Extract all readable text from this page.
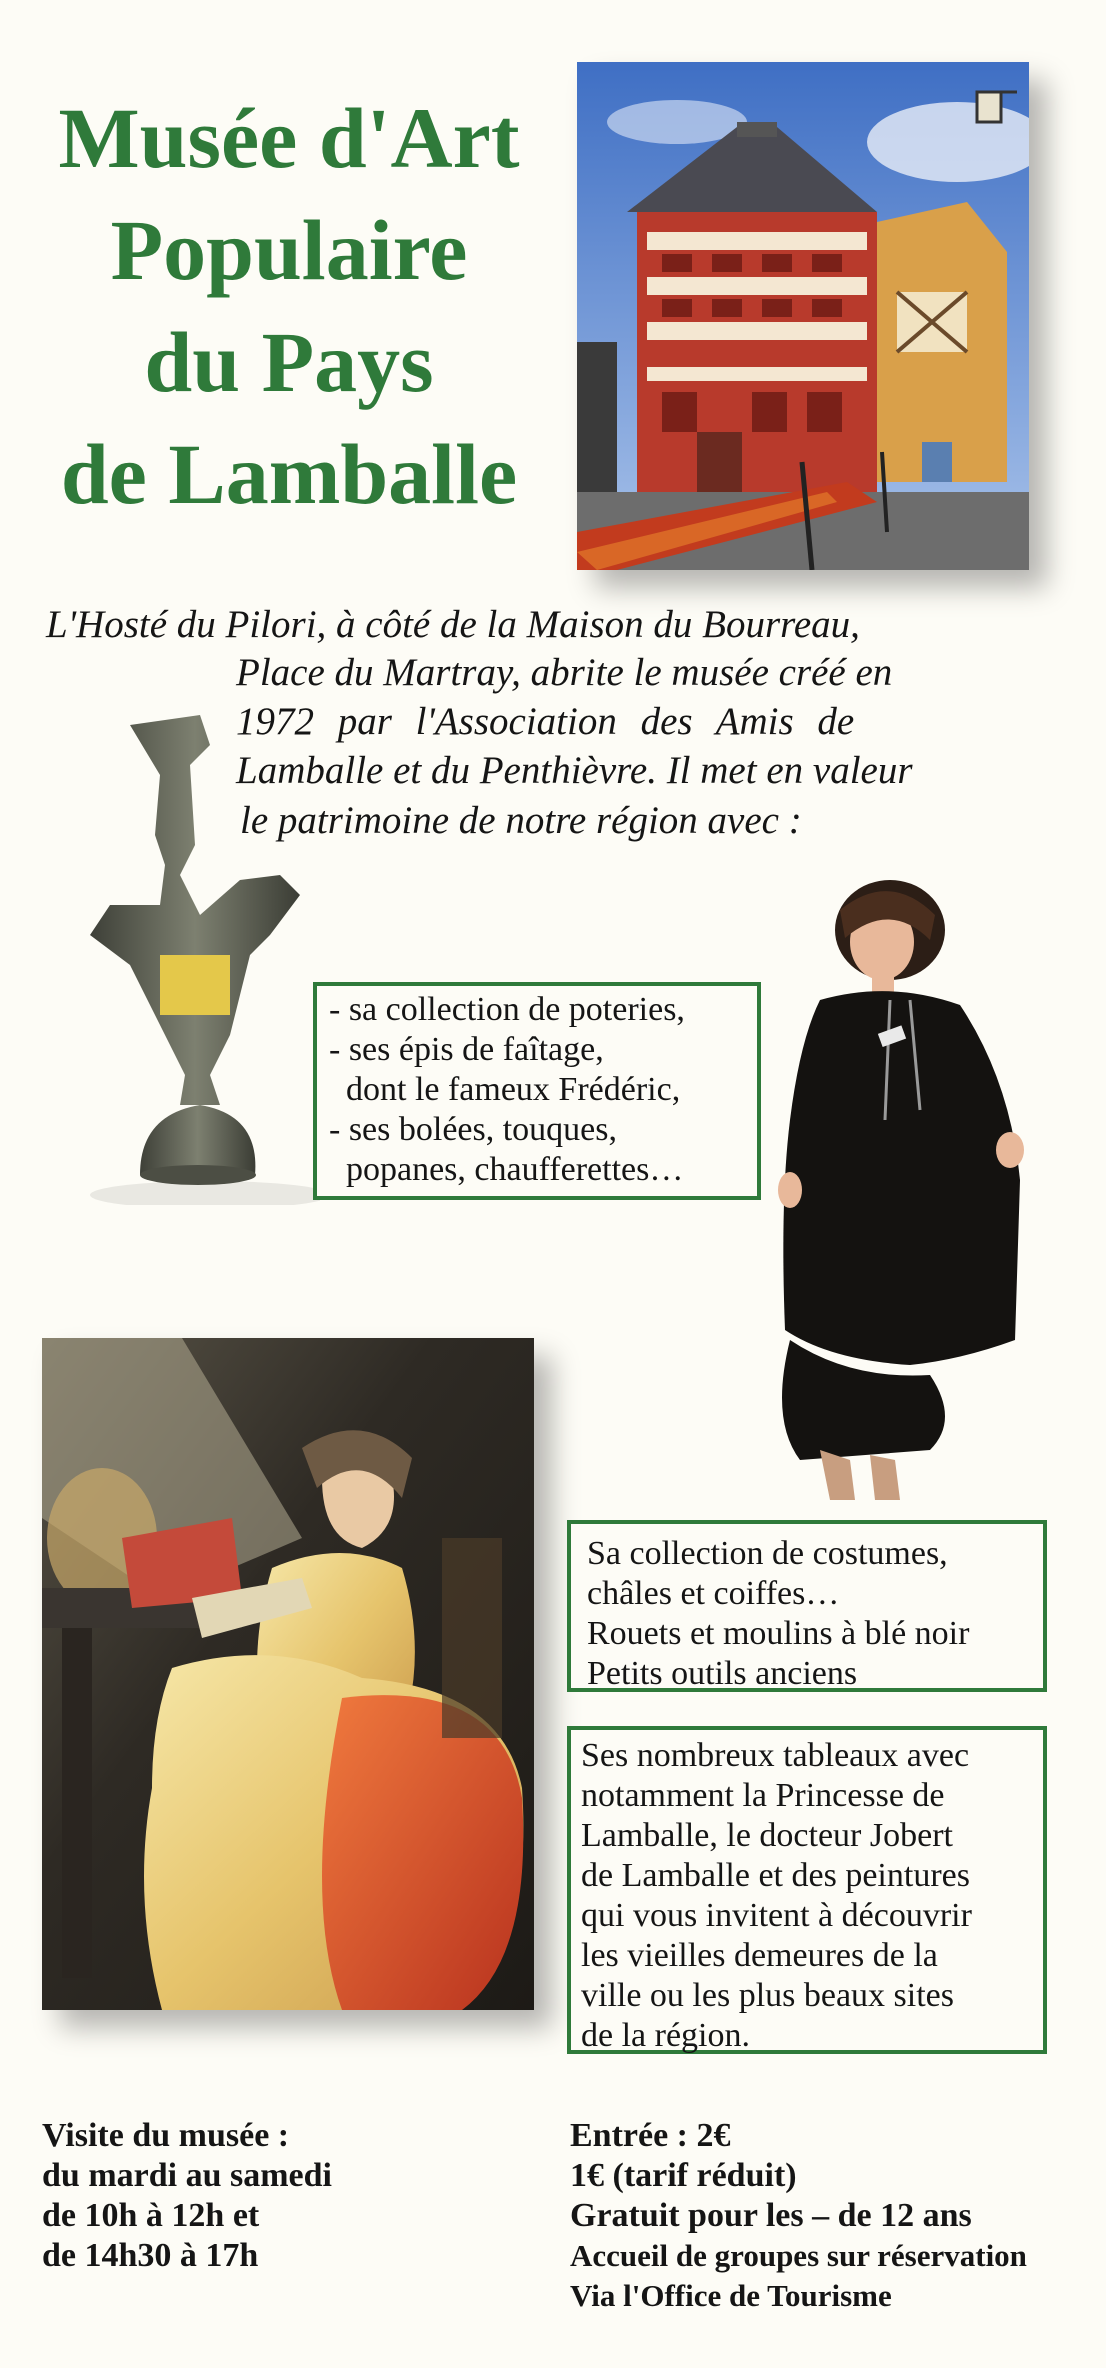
Musée d'Art
Populaire
du Pays
de Lamballe
L'Hosté du Pilori, à côté de la Maison du Bourreau,
Place du Martray, abrite le musée créé en
1972 par l'Association des Amis de
Lamballe et du Penthièvre. Il met en valeur
le patrimoine de notre région avec :
- sa collection de poteries,
- ses épis de faîtage,
dont le fameux Frédéric,
- ses bolées, touques,
popanes, chaufferettes…
Sa collection de costumes,
châles et coiffes…
Rouets et moulins à blé noir
Petits outils anciens
Ses nombreux tableaux avec
notamment la Princesse de
Lamballe, le docteur Jobert
de Lamballe et des peintures
qui vous invitent à découvrir
les vieilles demeures de la
ville ou les plus beaux sites
de la région.
Visite du musée :
du mardi au samedi
de 10h à 12h et
de 14h30 à 17h
Entrée : 2€
1€ (tarif réduit)
Gratuit pour les – de 12 ans
Accueil de groupes sur réservation
Via l'Office de Tourisme
